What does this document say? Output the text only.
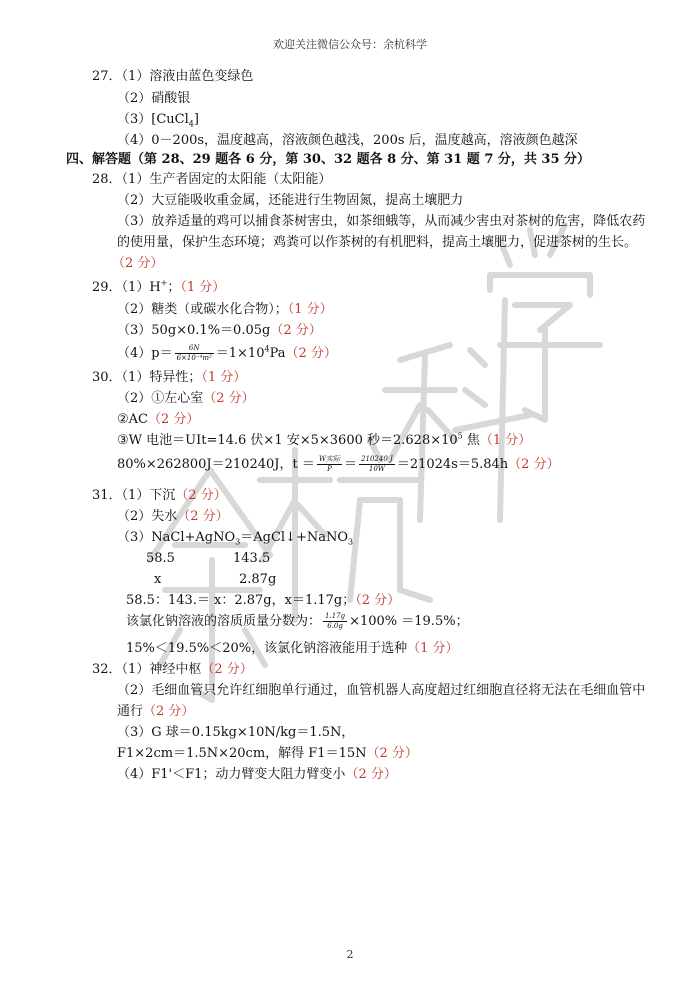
欢迎关注微信公众号：余杭科学
27．（1）溶液由蓝色变绿色
（2）硝酸银
（3）[CuCl$_4$]
（4）0－200s，温度越高，溶液颜色越浅，200s 后，温度越高，溶液颜色越深
四、解答题（第 28、29 题各 6 分，第 30、32 题各 8 分、第 31 题 7 分，共 35 分）
28．（1）生产者固定的太阳能（太阳能）
（2）大豆能吸收重金属，还能进行生物固氮，提高土壤肥力
（3）放养适量的鸡可以捕食茶树害虫，如茶细蛾等，从而减少害虫对茶树的危害，降低农药
的使用量，保护生态环境；鸡粪可以作茶树的有机肥料，提高土壤肥力，促进茶树的生长。
（2 分）
29．（1）H+；（1 分）
（2）糖类（或碳水化合物）；（1 分）
（3）50g×0.1%＝0.05g（2 分）
$(4)p= \frac{6N}{\text{6×10⁻⁴m²}} =1\times 10^4Pa(2$ 分）
30．（1）特异性；（1 分）
（2）①左心室（2 分）
②AC（2 分）
③W 电池＝UIt=14.6 伏×1 安×5×3600 秒$=2.628\times 10^5$ 焦（1 分）
80%×262800J＝210240J，$t = \frac{\text{W实际}}{P} = \frac{210240 J}{10W} =21024s=5.84h(2$ 分）
31．（1）下沉（2 分）
（2）失水（2 分）
（3）NaCl+AgNO$_3$＝AgCl↓+NaNO$_3$
58.5	143.5
x	2.87g
58.5：143.＝ x：2.87g，x＝1.17g；（2 分）
该氯化钠溶液的溶质质量分数为： $\frac{1.17g}{6.0g} \times 100\% =19.5\%$；
15%＜19.5%＜20%，该氯化钠溶液能用于选种（1 分）
32．（1）神经中枢（2 分）
（2）毛细血管只允许红细胞单行通过，血管机器人高度超过红细胞直径将无法在毛细血管中
通行（2 分）
（3）G 球＝0.15kg×10N/kg＝1.5N，
F1×2cm＝1.5N×20cm，解得 F1＝15N（2 分）
（4）F1'＜F1；动力臂变大阻力臂变小（2 分）
2
